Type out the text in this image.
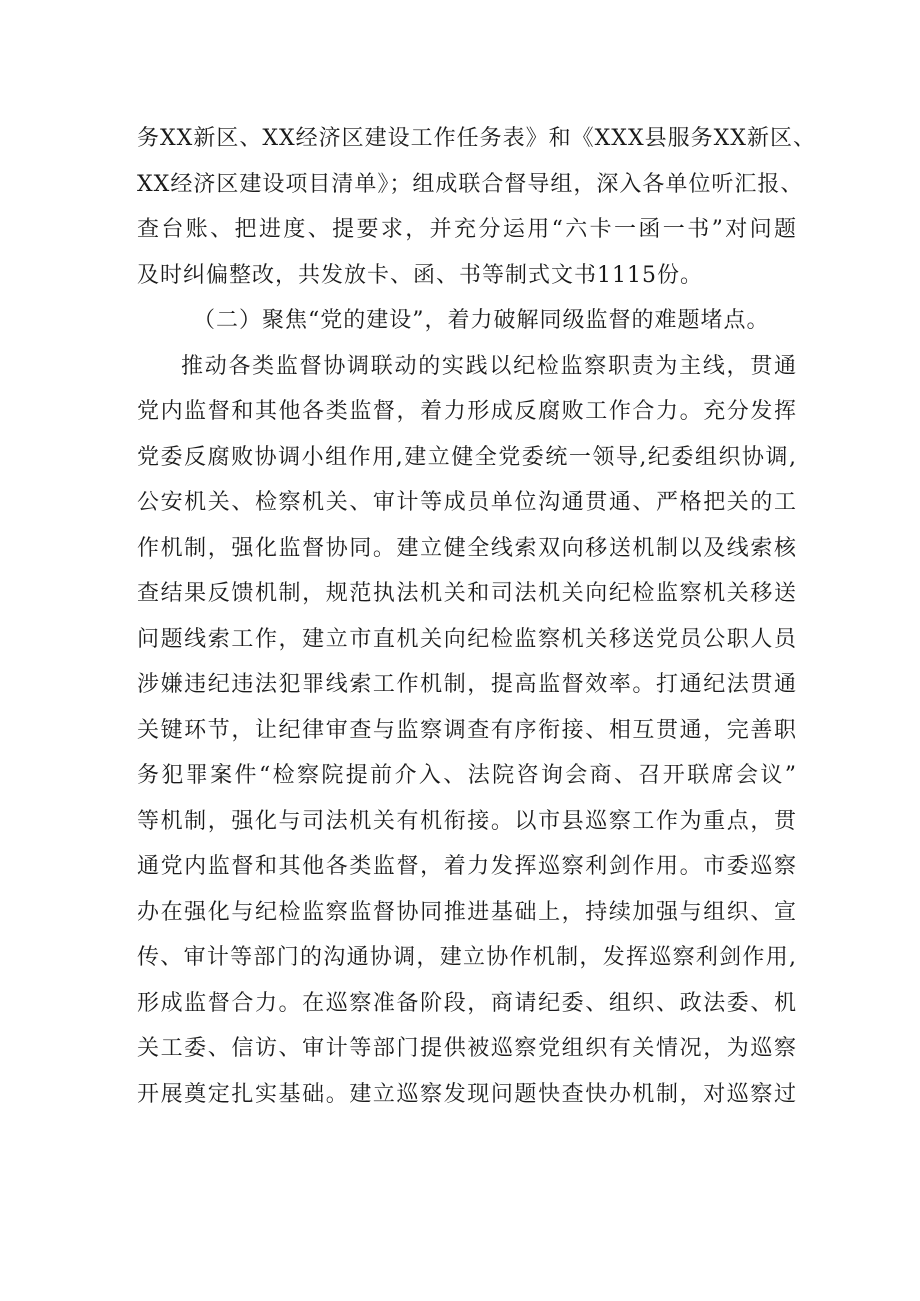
务XX新区、XX经济区建设工作任务表》和《XXX县服务XX新区、
XX经济区建设项目清单》；组成联合督导组，深入各单位听汇报、
查台账、把进度、提要求，并充分运用“六卡一函一书”对问题
及时纠偏整改，共发放卡、函、书等制式文书1115份。
（二）聚焦“党的建设”，着力破解同级监督的难题堵点。
推动各类监督协调联动的实践以纪检监察职责为主线，贯通
党内监督和其他各类监督，着力形成反腐败工作合力。充分发挥
党委反腐败协调小组作用,建立健全党委统一领导,纪委组织协调,
公安机关、检察机关、审计等成员单位沟通贯通、严格把关的工
作机制，强化监督协同。建立健全线索双向移送机制以及线索核
查结果反馈机制，规范执法机关和司法机关向纪检监察机关移送
问题线索工作，建立市直机关向纪检监察机关移送党员公职人员
涉嫌违纪违法犯罪线索工作机制，提高监督效率。打通纪法贯通
关键环节，让纪律审查与监察调查有序衔接、相互贯通，完善职
务犯罪案件“检察院提前介入、法院咨询会商、召开联席会议”
等机制，强化与司法机关有机衔接。以市县巡察工作为重点，贯
通党内监督和其他各类监督，着力发挥巡察利剑作用。市委巡察
办在强化与纪检监察监督协同推进基础上，持续加强与组织、宣
传、审计等部门的沟通协调，建立协作机制，发挥巡察利剑作用,
形成监督合力。在巡察准备阶段，商请纪委、组织、政法委、机
关工委、信访、审计等部门提供被巡察党组织有关情况，为巡察
开展奠定扎实基础。建立巡察发现问题快查快办机制，对巡察过
